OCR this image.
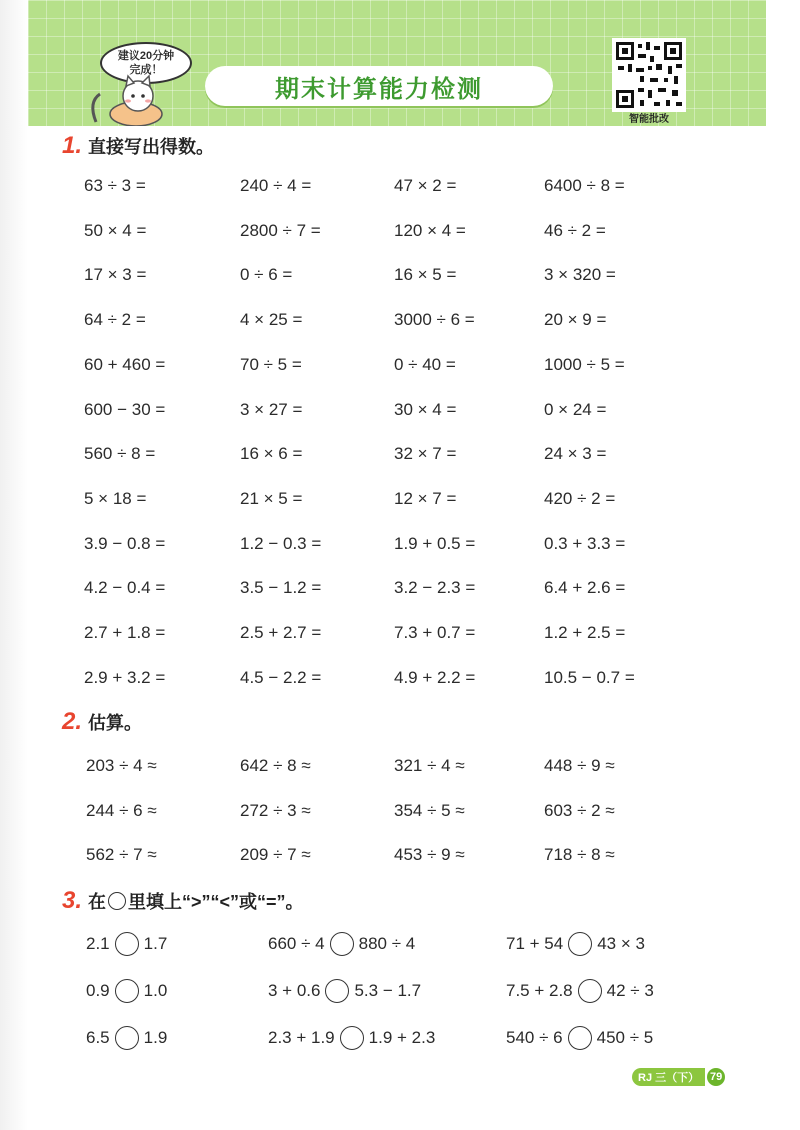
建议20分钟
完成！
期末计算能力检测
智能批改
1. 直接写出得数。
63 ÷ 3 =	240 ÷ 4 =	47 × 2 =	6400 ÷ 8 =
50 × 4 =	2800 ÷ 7 =	120 × 4 =	46 ÷ 2 =
17 × 3 =	0 ÷ 6 =	16 × 5 =	3 × 320 =
64 ÷ 2 =	4 × 25 =	3000 ÷ 6 =	20 × 9 =
60 + 460 =	70 ÷ 5 =	0 ÷ 40 =	1000 ÷ 5 =
600 − 30 =	3 × 27 =	30 × 4 =	0 × 24 =
560 ÷ 8 =	16 × 6 =	32 × 7 =	24 × 3 =
5 × 18 =	21 × 5 =	12 × 7 =	420 ÷ 2 =
3.9 − 0.8 =	1.2 − 0.3 =	1.9 + 0.5 =	0.3 + 3.3 =
4.2 − 0.4 =	3.5 − 1.2 =	3.2 − 2.3 =	6.4 + 2.6 =
2.7 + 1.8 =	2.5 + 2.7 =	7.3 + 0.7 =	1.2 + 2.5 =
2.9 + 3.2 =	4.5 − 2.2 =	4.9 + 2.2 =	10.5 − 0.7 =
2. 估算。
203 ÷ 4 ≈	642 ÷ 8 ≈	321 ÷ 4 ≈	448 ÷ 9 ≈
244 ÷ 6 ≈	272 ÷ 3 ≈	354 ÷ 5 ≈	603 ÷ 2 ≈
562 ÷ 7 ≈	209 ÷ 7 ≈	453 ÷ 9 ≈	718 ÷ 8 ≈
3. 在 里填上“>”“<”或“=”。
2.1 1.7	660 ÷ 4 880 ÷ 4	71 + 54 43 × 3
0.9 1.0	3 + 0.6 5.3 − 1.7	7.5 + 2.8 42 ÷ 3
6.5 1.9	2.3 + 1.9 1.9 + 2.3	540 ÷ 6 450 ÷ 5
RJ 三（下） 79
